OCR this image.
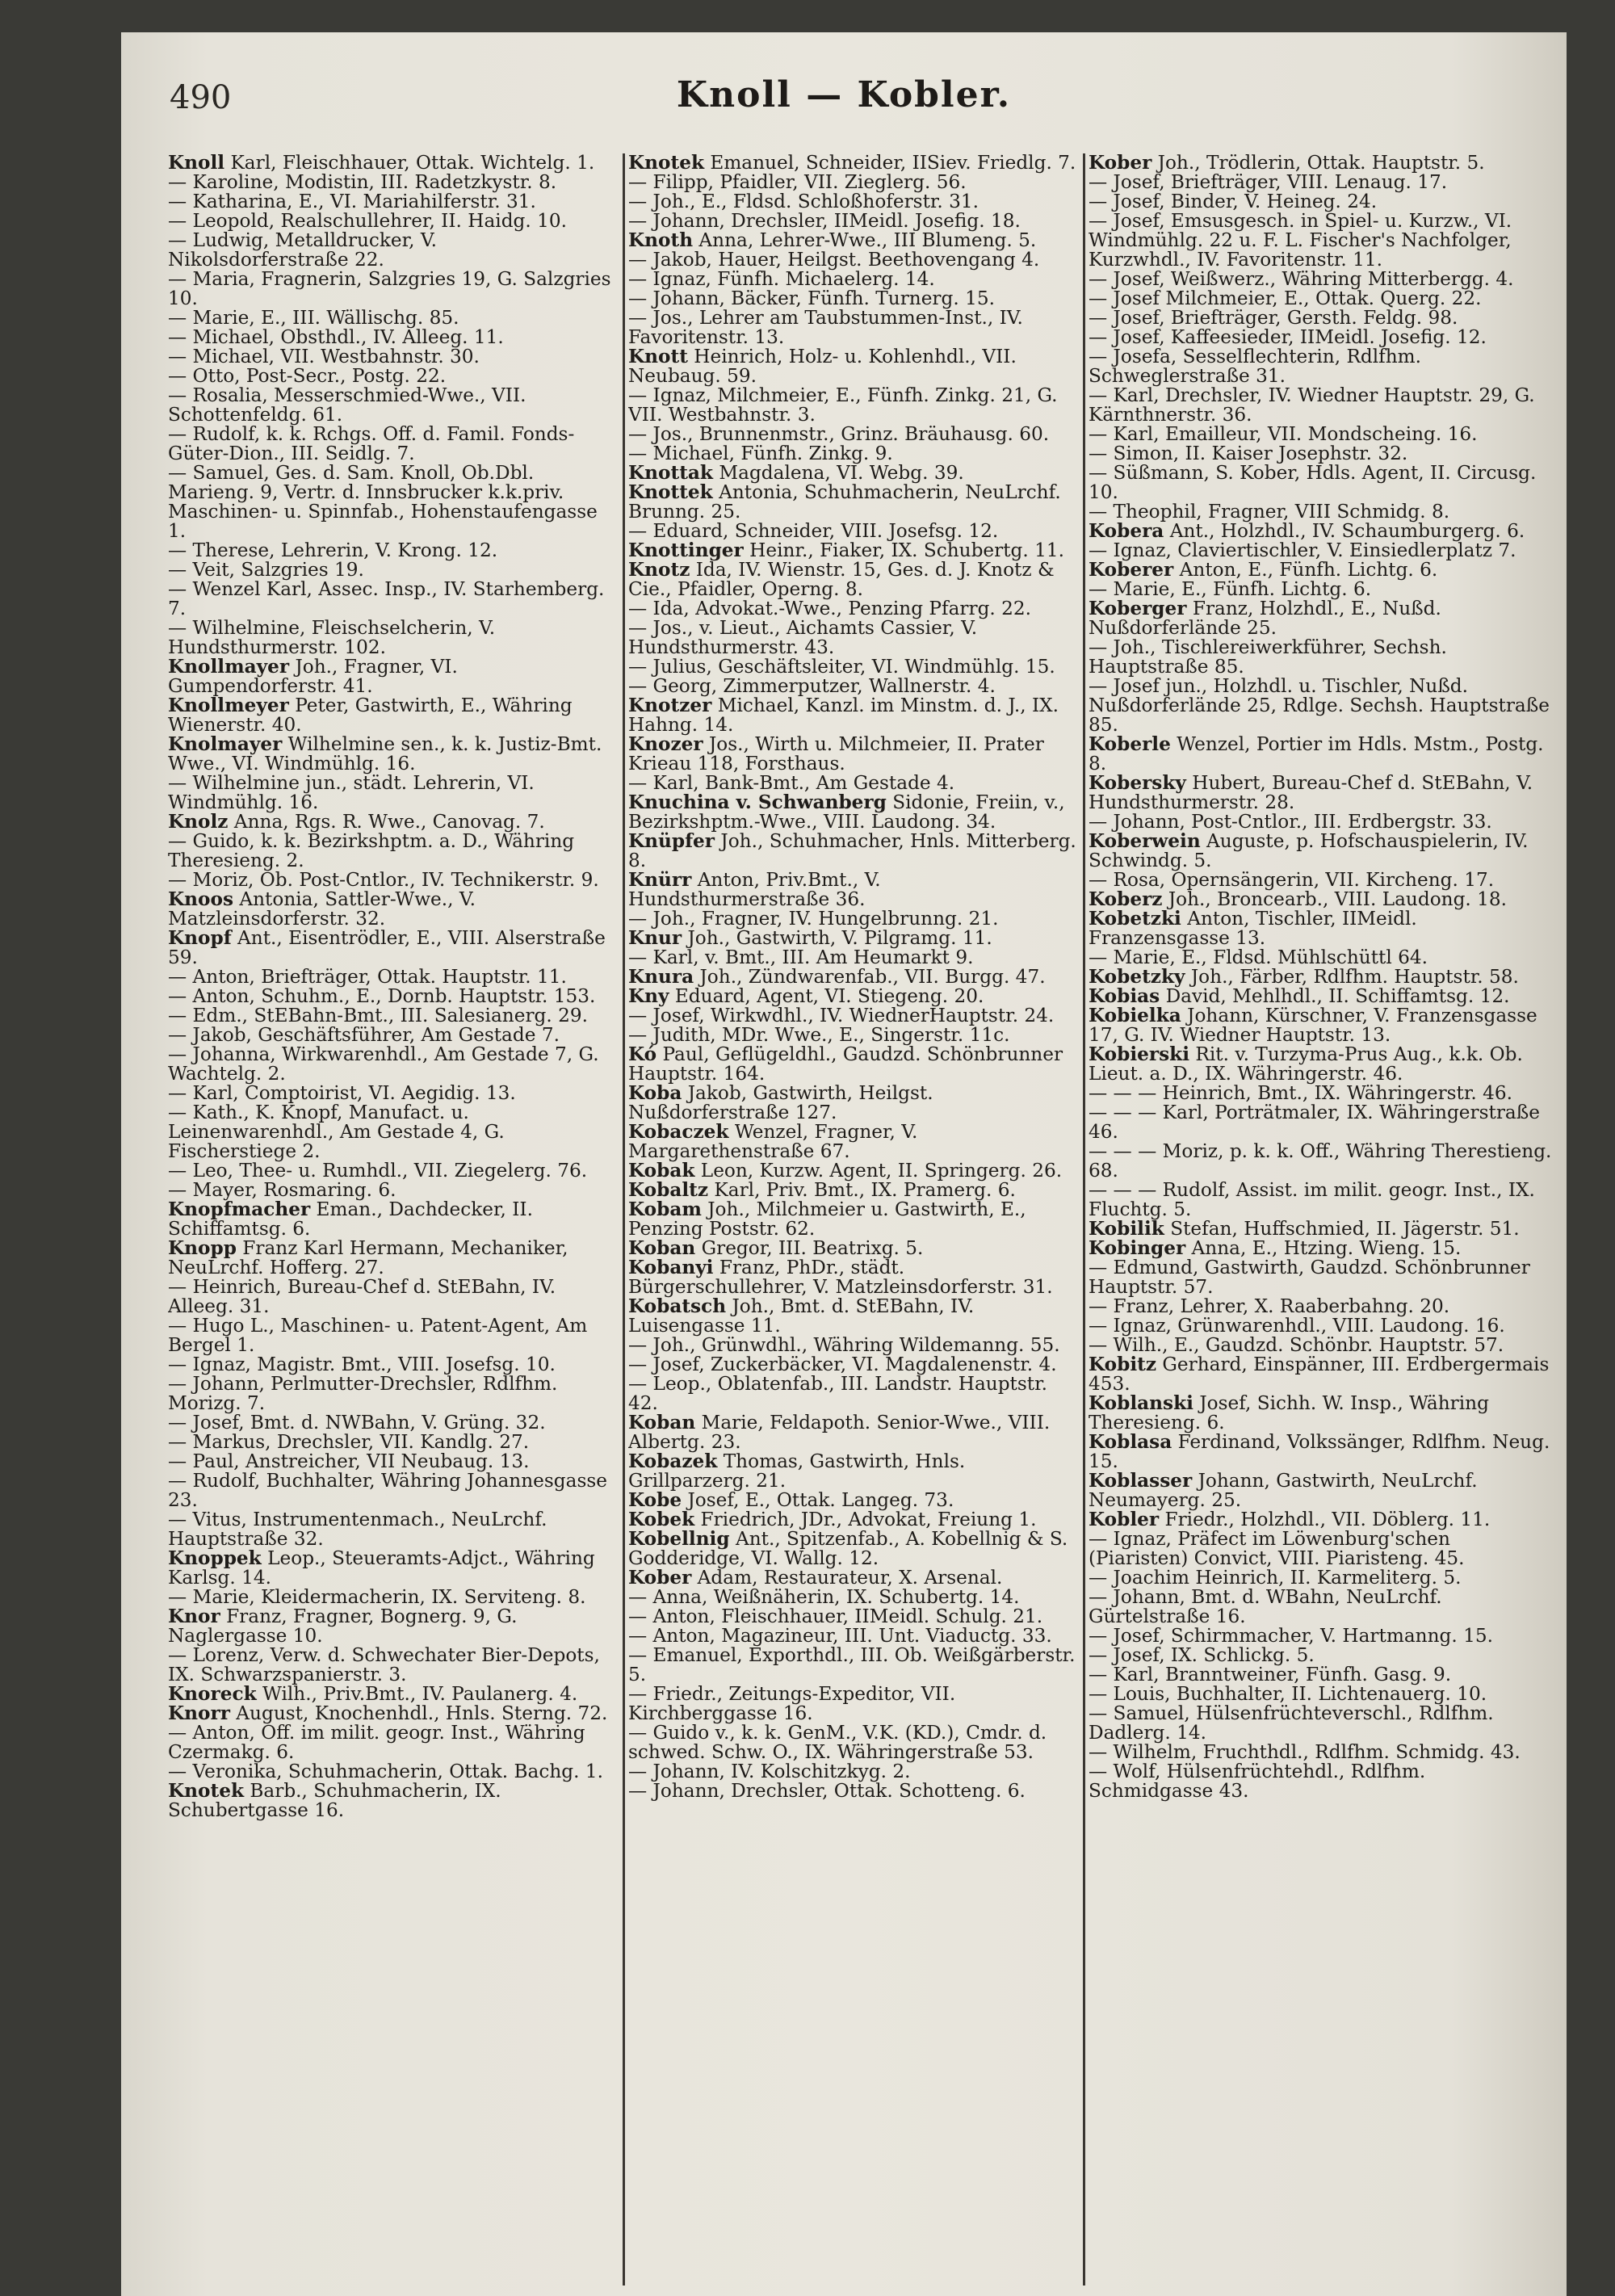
490	Knoll — Kobler.
Knoll Karl, Fleischhauer, Ottak. Wichtelg. 1.
— Karoline, Modistin, III. Radetzkystr. 8.
— Katharina, E., VI. Mariahilferstr. 31.
— Leopold, Realschullehrer, II. Haidg. 10.
— Ludwig, Metalldrucker, V. Nikolsdorferstraße 22.
— Maria, Fragnerin, Salzgries 19, G. Salzgries 10.
— Marie, E., III. Wällischg. 85.
— Michael, Obsthdl., IV. Alleeg. 11.
— Michael, VII. Westbahnstr. 30.
— Otto, Post-Secr., Postg. 22.
— Rosalia, Messerschmied-Wwe., VII. Schottenfeldg. 61.
— Rudolf, k. k. Rchgs. Off. d. Famil. Fonds-Güter-Dion., III. Seidlg. 7.
— Samuel, Ges. d. Sam. Knoll, Ob.Dbl. Marieng. 9, Vertr. d. Innsbrucker k.k.priv. Maschinen- u. Spinnfab., Hohenstaufengasse 1.
— Therese, Lehrerin, V. Krong. 12.
— Veit, Salzgries 19.
— Wenzel Karl, Assec. Insp., IV. Starhemberg. 7.
— Wilhelmine, Fleischselcherin, V. Hundsthurmerstr. 102.
Knollmayer Joh., Fragner, VI. Gumpendorferstr. 41.
Knollmeyer Peter, Gastwirth, E., Währing Wienerstr. 40.
Knolmayer Wilhelmine sen., k. k. Justiz-Bmt. Wwe., VI. Windmühlg. 16.
— Wilhelmine jun., städt. Lehrerin, VI. Windmühlg. 16.
Knolz Anna, Rgs. R. Wwe., Canovag. 7.
— Guido, k. k. Bezirkshptm. a. D., Währing Theresieng. 2.
— Moriz, Ob. Post-Cntlor., IV. Technikerstr. 9.
Knoos Antonia, Sattler-Wwe., V. Matzleinsdorferstr. 32.
Knopf Ant., Eisentrödler, E., VIII. Alserstraße 59.
— Anton, Briefträger, Ottak. Hauptstr. 11.
— Anton, Schuhm., E., Dornb. Hauptstr. 153.
— Edm., StEBahn-Bmt., III. Salesianerg. 29.
— Jakob, Geschäftsführer, Am Gestade 7.
— Johanna, Wirkwarenhdl., Am Gestade 7, G. Wachtelg. 2.
— Karl, Comptoirist, VI. Aegidig. 13.
— Kath., K. Knopf, Manufact. u. Leinenwarenhdl., Am Gestade 4, G. Fischerstiege 2.
— Leo, Thee- u. Rumhdl., VII. Ziegelerg. 76.
— Mayer, Rosmaring. 6.
Knopfmacher Eman., Dachdecker, II. Schiffamtsg. 6.
Knopp Franz Karl Hermann, Mechaniker, NeuLrchf. Hofferg. 27.
— Heinrich, Bureau-Chef d. StEBahn, IV. Alleeg. 31.
— Hugo L., Maschinen- u. Patent-Agent, Am Bergel 1.
— Ignaz, Magistr. Bmt., VIII. Josefsg. 10.
— Johann, Perlmutter-Drechsler, Rdlfhm. Morizg. 7.
— Josef, Bmt. d. NWBahn, V. Grüng. 32.
— Markus, Drechsler, VII. Kandlg. 27.
— Paul, Anstreicher, VII Neubaug. 13.
— Rudolf, Buchhalter, Währing Johannesgasse 23.
— Vitus, Instrumentenmach., NeuLrchf. Hauptstraße 32.
Knoppek Leop., Steueramts-Adjct., Währing Karlsg. 14.
— Marie, Kleidermacherin, IX. Serviteng. 8.
Knor Franz, Fragner, Bognerg. 9, G. Naglergasse 10.
— Lorenz, Verw. d. Schwechater Bier-Depots, IX. Schwarzspanierstr. 3.
Knoreck Wilh., Priv.Bmt., IV. Paulanerg. 4.
Knorr August, Knochenhdl., Hnls. Sterng. 72.
— Anton, Off. im milit. geogr. Inst., Währing Czermakg. 6.
— Veronika, Schuhmacherin, Ottak. Bachg. 1.
Knotek Barb., Schuhmacherin, IX. Schubertgasse 16.
Knotek Emanuel, Schneider, IISiev. Friedlg. 7.
— Filipp, Pfaidler, VII. Zieglerg. 56.
— Joh., E., Fldsd. Schloßhoferstr. 31.
— Johann, Drechsler, IIMeidl. Josefig. 18.
Knoth Anna, Lehrer-Wwe., III Blumeng. 5.
— Jakob, Hauer, Heilgst. Beethovengang 4.
— Ignaz, Fünfh. Michaelerg. 14.
— Johann, Bäcker, Fünfh. Turnerg. 15.
— Jos., Lehrer am Taubstummen-Inst., IV. Favoritenstr. 13.
Knott Heinrich, Holz- u. Kohlenhdl., VII. Neubaug. 59.
— Ignaz, Milchmeier, E., Fünfh. Zinkg. 21, G. VII. Westbahnstr. 3.
— Jos., Brunnenmstr., Grinz. Bräuhausg. 60.
— Michael, Fünfh. Zinkg. 9.
Knottak Magdalena, VI. Webg. 39.
Knottek Antonia, Schuhmacherin, NeuLrchf. Brunng. 25.
— Eduard, Schneider, VIII. Josefsg. 12.
Knottinger Heinr., Fiaker, IX. Schubertg. 11.
Knotz Ida, IV. Wienstr. 15, Ges. d. J. Knotz & Cie., Pfaidler, Operng. 8.
— Ida, Advokat.-Wwe., Penzing Pfarrg. 22.
— Jos., v. Lieut., Aichamts Cassier, V. Hundsthurmerstr. 43.
— Julius, Geschäftsleiter, VI. Windmühlg. 15.
— Georg, Zimmerputzer, Wallnerstr. 4.
Knotzer Michael, Kanzl. im Minstm. d. J., IX. Hahng. 14.
Knozer Jos., Wirth u. Milchmeier, II. Prater Krieau 118, Forsthaus.
— Karl, Bank-Bmt., Am Gestade 4.
Knuchina v. Schwanberg Sidonie, Freiin, v., Bezirkshptm.-Wwe., VIII. Laudong. 34.
Knüpfer Joh., Schuhmacher, Hnls. Mitterberg. 8.
Knürr Anton, Priv.Bmt., V. Hundsthurmerstraße 36.
— Joh., Fragner, IV. Hungelbrunng. 21.
Knur Joh., Gastwirth, V. Pilgramg. 11.
— Karl, v. Bmt., III. Am Heumarkt 9.
Knura Joh., Zündwarenfab., VII. Burgg. 47.
Kny Eduard, Agent, VI. Stiegeng. 20.
— Josef, Wirkwdhl., IV. WiednerHauptstr. 24.
— Judith, MDr. Wwe., E., Singerstr. 11c.
Kó Paul, Geflügeldhl., Gaudzd. Schönbrunner Hauptstr. 164.
Koba Jakob, Gastwirth, Heilgst. Nußdorferstraße 127.
Kobaczek Wenzel, Fragner, V. Margarethenstraße 67.
Kobak Leon, Kurzw. Agent, II. Springerg. 26.
Kobaltz Karl, Priv. Bmt., IX. Pramerg. 6.
Kobam Joh., Milchmeier u. Gastwirth, E., Penzing Poststr. 62.
Koban Gregor, III. Beatrixg. 5.
Kobanyi Franz, PhDr., städt. Bürgerschullehrer, V. Matzleinsdorferstr. 31.
Kobatsch Joh., Bmt. d. StEBahn, IV. Luisengasse 11.
— Joh., Grünwdhl., Währing Wildemanng. 55.
— Josef, Zuckerbäcker, VI. Magdalenenstr. 4.
— Leop., Oblatenfab., III. Landstr. Hauptstr. 42.
Koban Marie, Feldapoth. Senior-Wwe., VIII. Albertg. 23.
Kobazek Thomas, Gastwirth, Hnls. Grillparzerg. 21.
Kobe Josef, E., Ottak. Langeg. 73.
Kobek Friedrich, JDr., Advokat, Freiung 1.
Kobellnig Ant., Spitzenfab., A. Kobellnig & S. Godderidge, VI. Wallg. 12.
Kober Adam, Restaurateur, X. Arsenal.
— Anna, Weißnäherin, IX. Schubertg. 14.
— Anton, Fleischhauer, IIMeidl. Schulg. 21.
— Anton, Magazineur, III. Unt. Viaductg. 33.
— Emanuel, Exporthdl., III. Ob. Weißgärberstr. 5.
— Friedr., Zeitungs-Expeditor, VII. Kirchberggasse 16.
— Guido v., k. k. GenM., V.K. (KD.), Cmdr. d. schwed. Schw. O., IX. Währingerstraße 53.
— Johann, IV. Kolschitzkyg. 2.
— Johann, Drechsler, Ottak. Schotteng. 6.
Kober Joh., Trödlerin, Ottak. Hauptstr. 5.
— Josef, Briefträger, VIII. Lenaug. 17.
— Josef, Binder, V. Heineg. 24.
— Josef, Emsusgesch. in Spiel- u. Kurzw., VI. Windmühlg. 22 u. F. L. Fischer's Nachfolger, Kurzwhdl., IV. Favoritenstr. 11.
— Josef, Weißwerz., Währing Mitterbergg. 4.
— Josef Milchmeier, E., Ottak. Querg. 22.
— Josef, Briefträger, Gersth. Feldg. 98.
— Josef, Kaffeesieder, IIMeidl. Josefig. 12.
— Josefa, Sesselflechterin, Rdlfhm. Schweglerstraße 31.
— Karl, Drechsler, IV. Wiedner Hauptstr. 29, G. Kärnthnerstr. 36.
— Karl, Emailleur, VII. Mondscheing. 16.
— Simon, II. Kaiser Josephstr. 32.
— Süßmann, S. Kober, Hdls. Agent, II. Circusg. 10.
— Theophil, Fragner, VIII Schmidg. 8.
Kobera Ant., Holzhdl., IV. Schaumburgerg. 6.
— Ignaz, Claviertischler, V. Einsiedlerplatz 7.
Koberer Anton, E., Fünfh. Lichtg. 6.
— Marie, E., Fünfh. Lichtg. 6.
Koberger Franz, Holzhdl., E., Nußd. Nußdorferlände 25.
— Joh., Tischlereiwerkführer, Sechsh. Hauptstraße 85.
— Josef jun., Holzhdl. u. Tischler, Nußd. Nußdorferlände 25, Rdlge. Sechsh. Hauptstraße 85.
Koberle Wenzel, Portier im Hdls. Mstm., Postg. 8.
Kobersky Hubert, Bureau-Chef d. StEBahn, V. Hundsthurmerstr. 28.
— Johann, Post-Cntlor., III. Erdbergstr. 33.
Koberwein Auguste, p. Hofschauspielerin, IV. Schwindg. 5.
— Rosa, Opernsängerin, VII. Kircheng. 17.
Koberz Joh., Broncearb., VIII. Laudong. 18.
Kobetzki Anton, Tischler, IIMeidl. Franzensgasse 13.
— Marie, E., Fldsd. Mühlschüttl 64.
Kobetzky Joh., Färber, Rdlfhm. Hauptstr. 58.
Kobias David, Mehlhdl., II. Schiffamtsg. 12.
Kobielka Johann, Kürschner, V. Franzensgasse 17, G. IV. Wiedner Hauptstr. 13.
Kobierski Rit. v. Turzyma-Prus Aug., k.k. Ob. Lieut. a. D., IX. Währingerstr. 46.
— — — Heinrich, Bmt., IX. Währingerstr. 46.
— — — Karl, Porträtmaler, IX. Währingerstraße 46.
— — — Moriz, p. k. k. Off., Währing Therestieng. 68.
— — — Rudolf, Assist. im milit. geogr. Inst., IX. Fluchtg. 5.
Kobilik Stefan, Huffschmied, II. Jägerstr. 51.
Kobinger Anna, E., Htzing. Wieng. 15.
— Edmund, Gastwirth, Gaudzd. Schönbrunner Hauptstr. 57.
— Franz, Lehrer, X. Raaberbahng. 20.
— Ignaz, Grünwarenhdl., VIII. Laudong. 16.
— Wilh., E., Gaudzd. Schönbr. Hauptstr. 57.
Kobitz Gerhard, Einspänner, III. Erdbergermais 453.
Koblanski Josef, Sichh. W. Insp., Währing Theresieng. 6.
Koblasa Ferdinand, Volkssänger, Rdlfhm. Neug. 15.
Koblasser Johann, Gastwirth, NeuLrchf. Neumayerg. 25.
Kobler Friedr., Holzhdl., VII. Döblerg. 11.
— Ignaz, Präfect im Löwenburg'schen (Piaristen) Convict, VIII. Piaristeng. 45.
— Joachim Heinrich, II. Karmeliterg. 5.
— Johann, Bmt. d. WBahn, NeuLrchf. Gürtelstraße 16.
— Josef, Schirmmacher, V. Hartmanng. 15.
— Josef, IX. Schlickg. 5.
— Karl, Branntweiner, Fünfh. Gasg. 9.
— Louis, Buchhalter, II. Lichtenauerg. 10.
— Samuel, Hülsenfrüchteverschl., Rdlfhm. Dadlerg. 14.
— Wilhelm, Fruchthdl., Rdlfhm. Schmidg. 43.
— Wolf, Hülsenfrüchtehdl., Rdlfhm. Schmidgasse 43.
